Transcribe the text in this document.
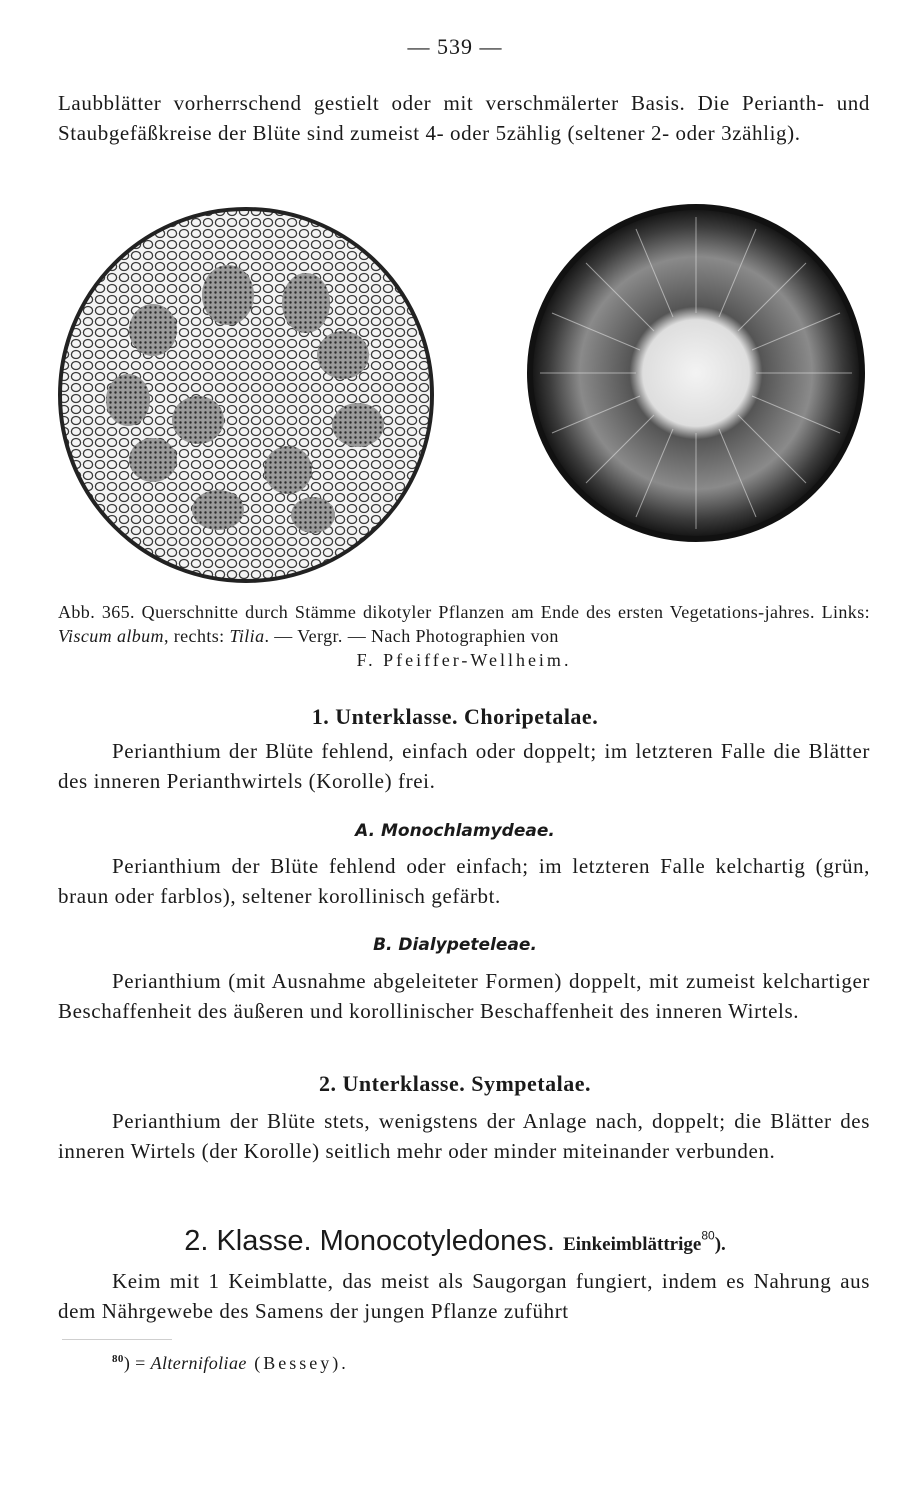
— 539 —
Laubblätter vorherrschend gestielt oder mit verschmälerter Basis. Die Perianth- und Staubgefäßkreise der Blüte sind zumeist 4- oder 5zählig (seltener 2- oder 3zählig).
Abb. 365. Querschnitte durch Stämme dikotyler Pflanzen am Ende des ersten Vegetations-jahres. Links: Viscum album, rechts: Tilia. — Vergr. — Nach Photographien von
F. Pfeiffer-Wellheim.
1. Unterklasse. Choripetalae.
Perianthium der Blüte fehlend, einfach oder doppelt; im letzteren Falle die Blätter des inneren Perianthwirtels (Korolle) frei.
A. Monochlamydeae.
Perianthium der Blüte fehlend oder einfach; im letzteren Falle kelchartig (grün, braun oder farblos), seltener korollinisch gefärbt.
B. Dialypeteleae.
Perianthium (mit Ausnahme abgeleiteter Formen) doppelt, mit zumeist kelchartiger Beschaffenheit des äußeren und korollinischer Beschaffenheit des inneren Wirtels.
2. Unterklasse. Sympetalae.
Perianthium der Blüte stets, wenigstens der Anlage nach, doppelt; die Blätter des inneren Wirtels (der Korolle) seitlich mehr oder minder miteinander verbunden.
2. Klasse. Monocotyledones. Einkeimblättrige$^{80}$).
Keim mit 1 Keimblatte, das meist als Saugorgan fungiert, indem es Nahrung aus dem Nährgewebe des Samens der jungen Pflanze zuführt
$^{80}$) = Alternifoliae (Bessey).
